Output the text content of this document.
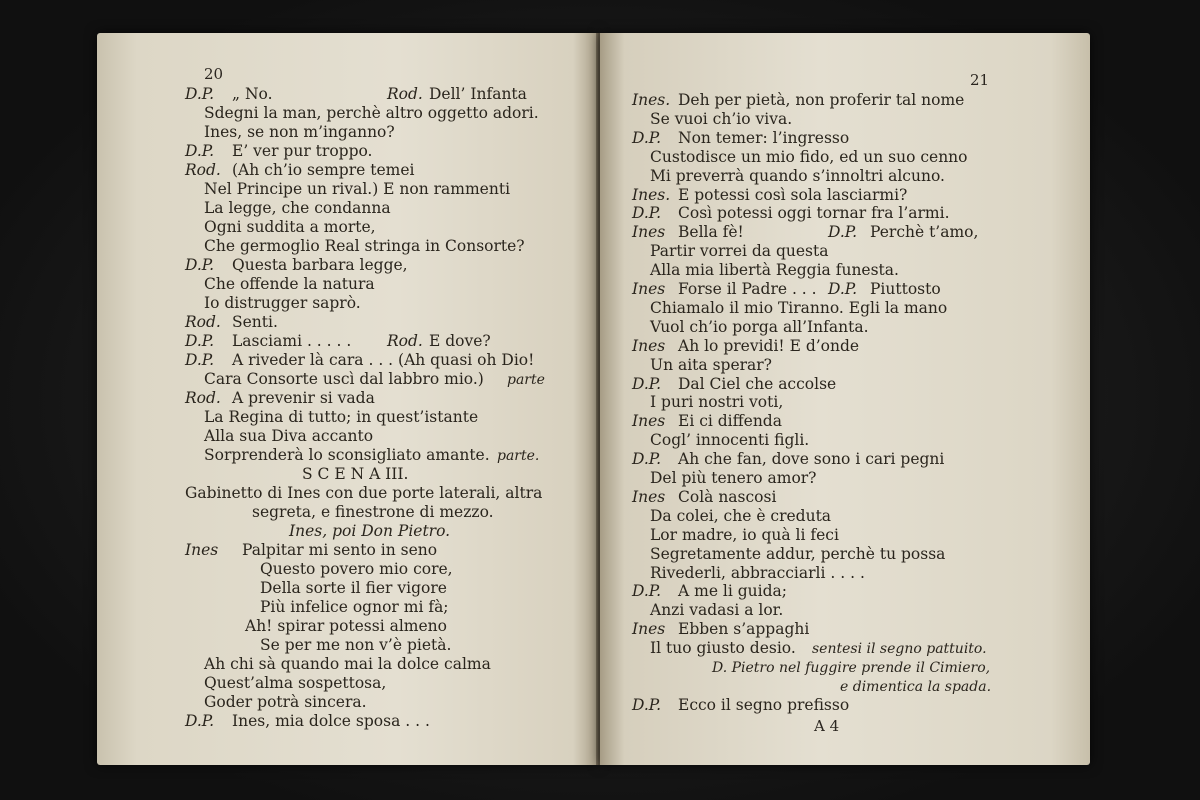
20
D.P. „ No.	Rod. Dell’ Infanta
Sdegni la man, perchè altro oggetto adori.
Ines, se non m’inganno?
D.P. E’ ver pur troppo.
Rod. (Ah ch’io sempre temei
Nel Principe un rival.) E non rammenti
La legge, che condanna
Ogni suddita a morte,
Che germoglio Real stringa in Consorte?
D.P. Questa barbara legge,
Che offende la natura
Io distrugger saprò.
Rod. Senti.
D.P. Lasciami . . . . . Rod. E dove?
D.P. A riveder là cara . . . (Ah quasi oh Dio!
Cara Consorte uscì dal labbro mio.) parte
Rod. A prevenir si vada
La Regina di tutto; in quest’istante
Alla sua Diva accanto
Sorprenderà lo sconsigliato amante. parte.
S C E N A III.
Gabinetto di Ines con due porte laterali, altra
segreta, e finestrone di mezzo.
Ines, poi Don Pietro.
Ines Palpitar mi sento in seno
Questo povero mio core,
Della sorte il fier vigore
Più infelice ognor mi fà;
Ah! spirar potessi almeno
Se per me non v’è pietà.
Ah chi sà quando mai la dolce calma
Quest’alma sospettosa,
Goder potrà sincera.
D.P. Ines, mia dolce sposa . . .
21
Ines. Deh per pietà, non proferir tal nome
Se vuoi ch’io viva.
D.P. Non temer: l’ingresso
Custodisce un mio fido, ed un suo cenno
Mi preverrà quando s’innoltri alcuno.
Ines. E potessi così sola lasciarmi?
D.P. Così potessi oggi tornar fra l’armi.
Ines Bella fè!	D.P. Perchè t’amo,
Partir vorrei da questa
Alla mia libertà Reggia funesta.
Ines Forse il Padre . . . D.P. Piuttosto
Chiamalo il mio Tiranno. Egli la mano
Vuol ch’io porga all’Infanta.
Ines Ah lo previdi! E d’onde
Un aita sperar?
D.P. Dal Ciel che accolse
I puri nostri voti,
Ines Ei ci diffenda
Cogl’ innocenti figli.
D.P. Ah che fan, dove sono i cari pegni
Del più tenero amor?
Ines Colà nascosi
Da colei, che è creduta
Lor madre, io quà li feci
Segretamente addur, perchè tu possa
Rivederli, abbracciarli . . . .
D.P. A me li guida;
Anzi vadasi a lor.
Ines Ebben s’appaghi
Il tuo giusto desio. sentesi il segno pattuito.
D. Pietro nel fuggire prende il Cimiero,
e dimentica la spada.
D.P. Ecco il segno prefisso
A 4
